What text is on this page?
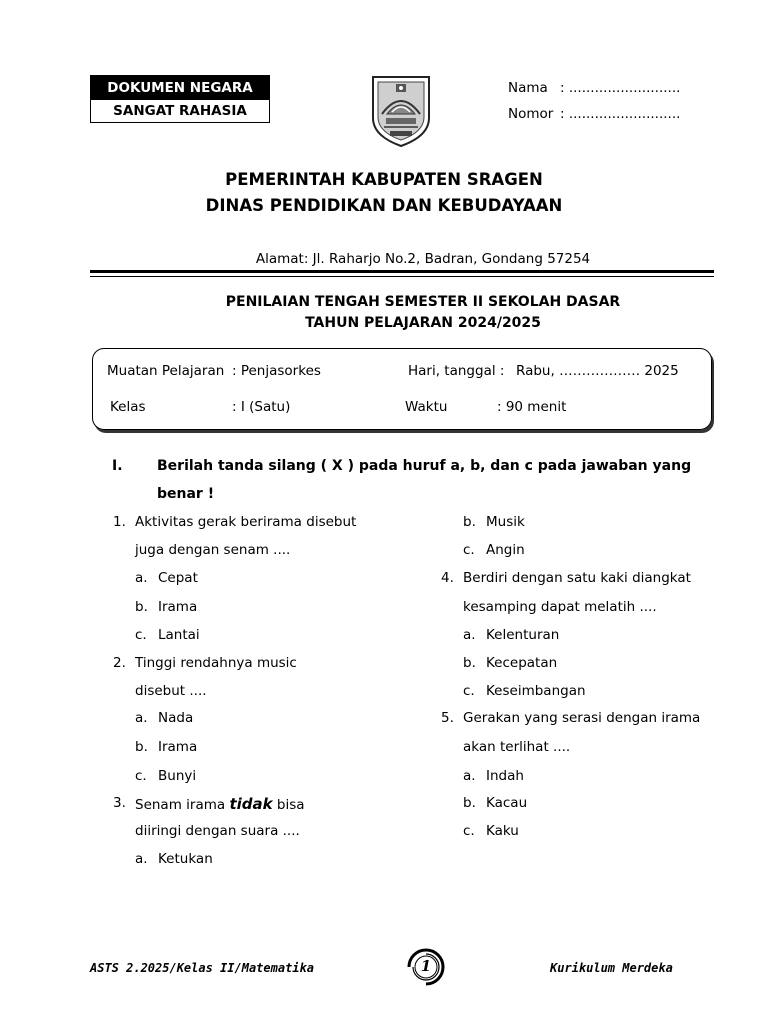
DOKUMEN NEGARA
SANGAT RAHASIA
Nama : ..........................
Nomor : ..........................
PEMERINTAH KABUPATEN SRAGEN
DINAS PENDIDIKAN DAN KEBUDAYAAN
Alamat: Jl. Raharjo No.2, Badran, Gondang 57254
PENILAIAN TENGAH SEMESTER II SEKOLAH DASAR
TAHUN PELAJARAN 2024/2025
Muatan Pelajaran : Penjasorkes	Hari, tanggal : Rabu, ……………… 2025
Kelas	: I (Satu)	Waktu	: 90 menit
I. Berilah tanda silang ( X ) pada huruf a, b, dan c pada jawaban yang
benar !
1. Aktivitas gerak berirama disebut
juga dengan senam ....
a. Cepat
b. Irama
c. Lantai
2. Tinggi rendahnya music
disebut ....
a. Nada
b. Irama
c. Bunyi
3. Senam irama tidak bisa
diiringi dengan suara ....
a. Ketukan
b. Musik
c. Angin
4. Berdiri dengan satu kaki diangkat
kesamping dapat melatih ....
a. Kelenturan
b. Kecepatan
c. Keseimbangan
5. Gerakan yang serasi dengan irama
akan terlihat ....
a. Indah
b. Kacau
c. Kaku
ASTS 2.2025/Kelas II/Matematika	1	Kurikulum Merdeka
